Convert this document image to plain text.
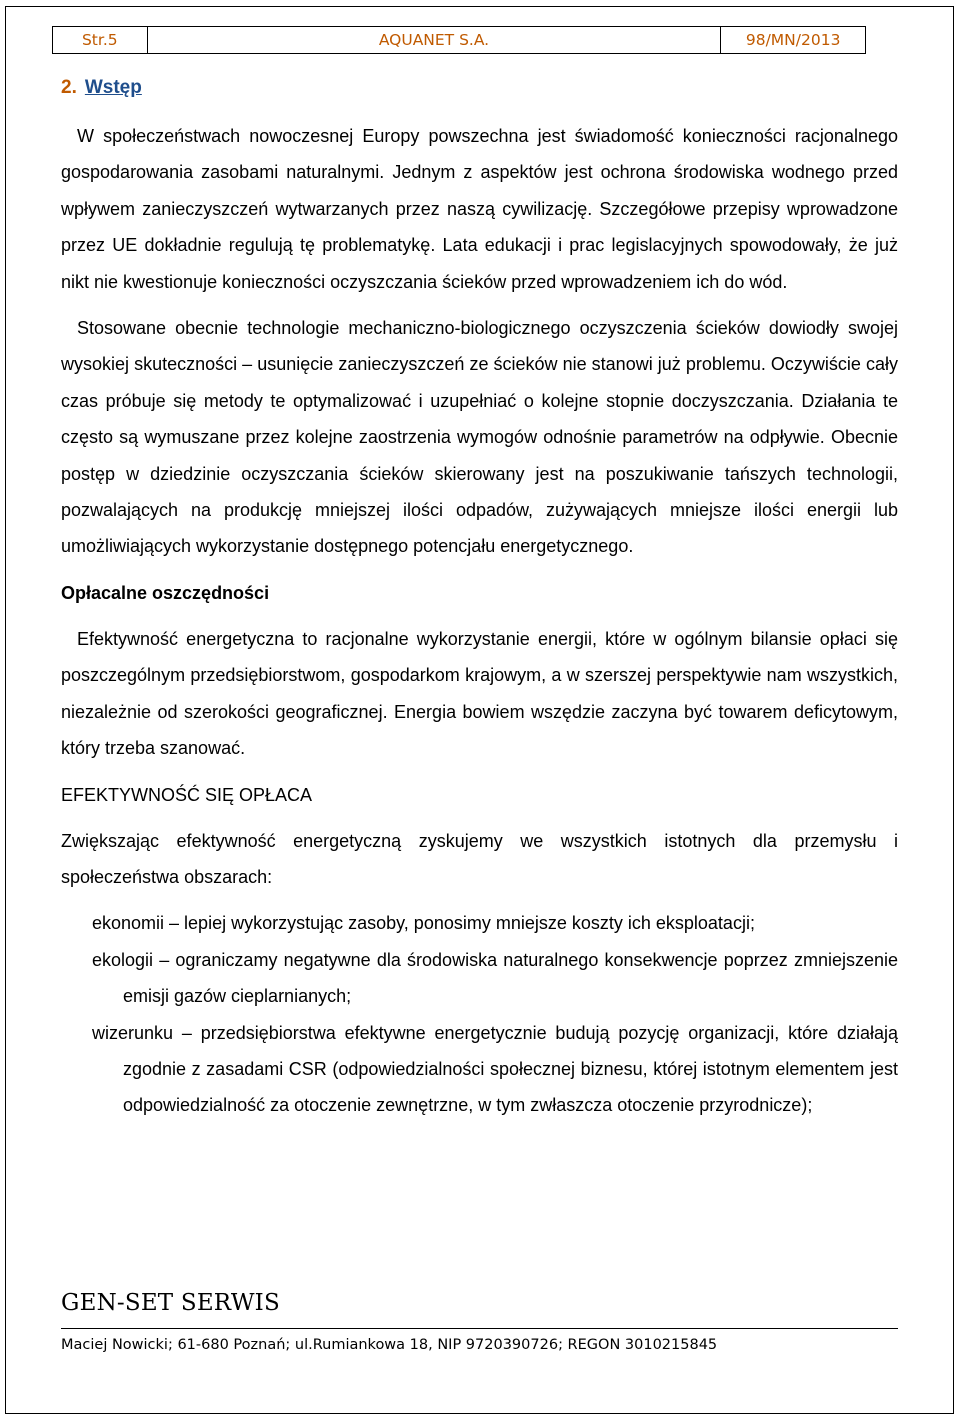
Str.5	AQUANET S.A.	98/MN/2013
2. Wstęp

W społeczeństwach nowoczesnej Europy powszechna jest świadomość konieczności racjonalnego gospodarowania zasobami naturalnymi. Jednym z aspektów jest ochrona środowiska wodnego przed wpływem zanieczyszczeń wytwarzanych przez naszą cywilizację. Szczegółowe przepisy wprowadzone przez UE dokładnie regulują tę problematykę. Lata edukacji i prac legislacyjnych spowodowały, że już nikt nie kwestionuje konieczności oczyszczania ścieków przed wprowadzeniem ich do wód.

Stosowane obecnie technologie mechaniczno-biologicznego oczyszczenia ścieków dowiodły swojej wysokiej skuteczności – usunięcie zanieczyszczeń ze ścieków nie stanowi już problemu. Oczywiście cały czas próbuje się metody te optymalizować i uzupełniać o kolejne stopnie doczyszczania. Działania te często są wymuszane przez kolejne zaostrzenia wymogów odnośnie parametrów na odpływie. Obecnie postęp w dziedzinie oczyszczania ścieków skierowany jest na poszukiwanie tańszych technologii, pozwalających na produkcję mniejszej ilości odpadów, zużywających mniejsze ilości energii lub umożliwiających wykorzystanie dostępnego potencjału energetycznego.

Opłacalne oszczędności

Efektywność energetyczna to racjonalne wykorzystanie energii, które w ogólnym bilansie opłaci się poszczególnym przedsiębiorstwom, gospodarkom krajowym, a w szerszej perspektywie nam wszystkich, niezależnie od szerokości geograficznej. Energia bowiem wszędzie zaczyna być towarem deficytowym, który trzeba szanować.

EFEKTYWNOŚĆ SIĘ OPŁACA

Zwiększając efektywność energetyczną zyskujemy we wszystkich istotnych dla przemysłu i społeczeństwa obszarach:

ekonomii – lepiej wykorzystując zasoby, ponosimy mniejsze koszty ich eksploatacji;
ekologii – ograniczamy negatywne dla środowiska naturalnego konsekwencje poprzez zmniejszenie emisji gazów cieplarnianych;
wizerunku – przedsiębiorstwa efektywne energetycznie budują pozycję organizacji, które działają zgodnie z zasadami CSR (odpowiedzialności społecznej biznesu, której istotnym elementem jest odpowiedzialność za otoczenie zewnętrzne, w tym zwłaszcza otoczenie przyrodnicze);
GEN-SET SERWIS
Maciej Nowicki; 61-680 Poznań; ul.Rumiankowa 18, NIP 9720390726; REGON 3010215845
